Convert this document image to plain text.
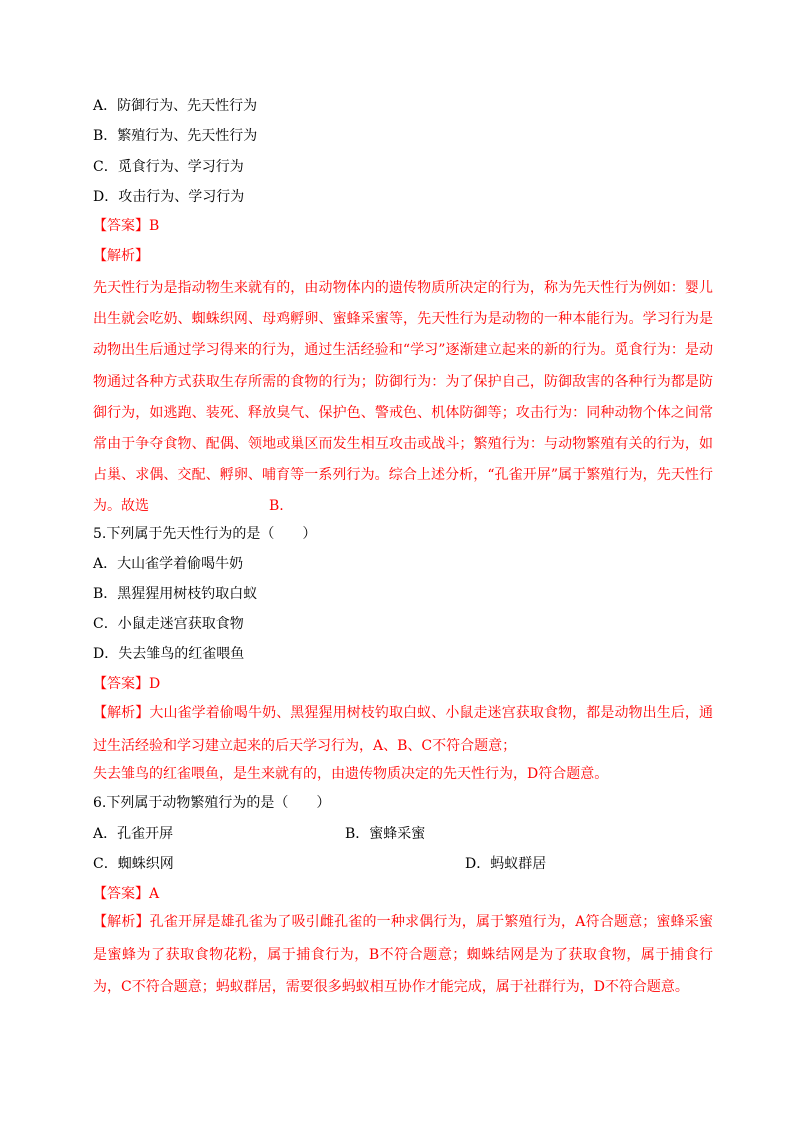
A．防御行为、先天性行为
B．繁殖行为、先天性行为
C．觅食行为、学习行为
D．攻击行为、学习行为
【答案】B
【解析】
先天性行为是指动物生来就有的，由动物体内的遗传物质所决定的行为，称为先天性行为例如：婴儿出生就会吃奶、蜘蛛织网、母鸡孵卵、蜜蜂采蜜等，先天性行为是动物的一种本能行为。学习行为是动物出生后通过学习得来的行为，通过生活经验和“学习”逐渐建立起来的新的行为。觅食行为：是动物通过各种方式获取生存所需的食物的行为；防御行为：为了保护自己，防御敌害的各种行为都是防御行为，如逃跑、装死、释放臭气、保护色、警戒色、机体防御等；攻击行为：同种动物个体之间常常由于争夺食物、配偶、领地或巢区而发生相互攻击或战斗；繁殖行为：与动物繁殖有关的行为，如占巢、求偶、交配、孵卵、哺育等一系列行为。综合上述分析，“孔雀开屏”属于繁殖行为，先天性行为。故选	B.
5.下列属于先天性行为的是（　　）
A．大山雀学着偷喝牛奶
B．黑猩猩用树枝钓取白蚁
C．小鼠走迷宫获取食物
D．失去雏鸟的红雀喂鱼
【答案】D
【解析】大山雀学着偷喝牛奶、黑猩猩用树枝钓取白蚁、小鼠走迷宫获取食物，都是动物出生后，通过生活经验和学习建立起来的后天学习行为，A、B、C不符合题意；
失去雏鸟的红雀喂鱼，是生来就有的，由遗传物质决定的先天性行为，D符合题意。
6.下列属于动物繁殖行为的是（　　）
A．孔雀开屏	B．蜜蜂采蜜
C．蜘蛛织网	D．蚂蚁群居
【答案】A
【解析】孔雀开屏是雄孔雀为了吸引雌孔雀的一种求偶行为，属于繁殖行为，A符合题意；蜜蜂采蜜是蜜蜂为了获取食物花粉，属于捕食行为，B不符合题意；蜘蛛结网是为了获取食物，属于捕食行为，C不符合题意；蚂蚁群居，需要很多蚂蚁相互协作才能完成，属于社群行为，D不符合题意。
